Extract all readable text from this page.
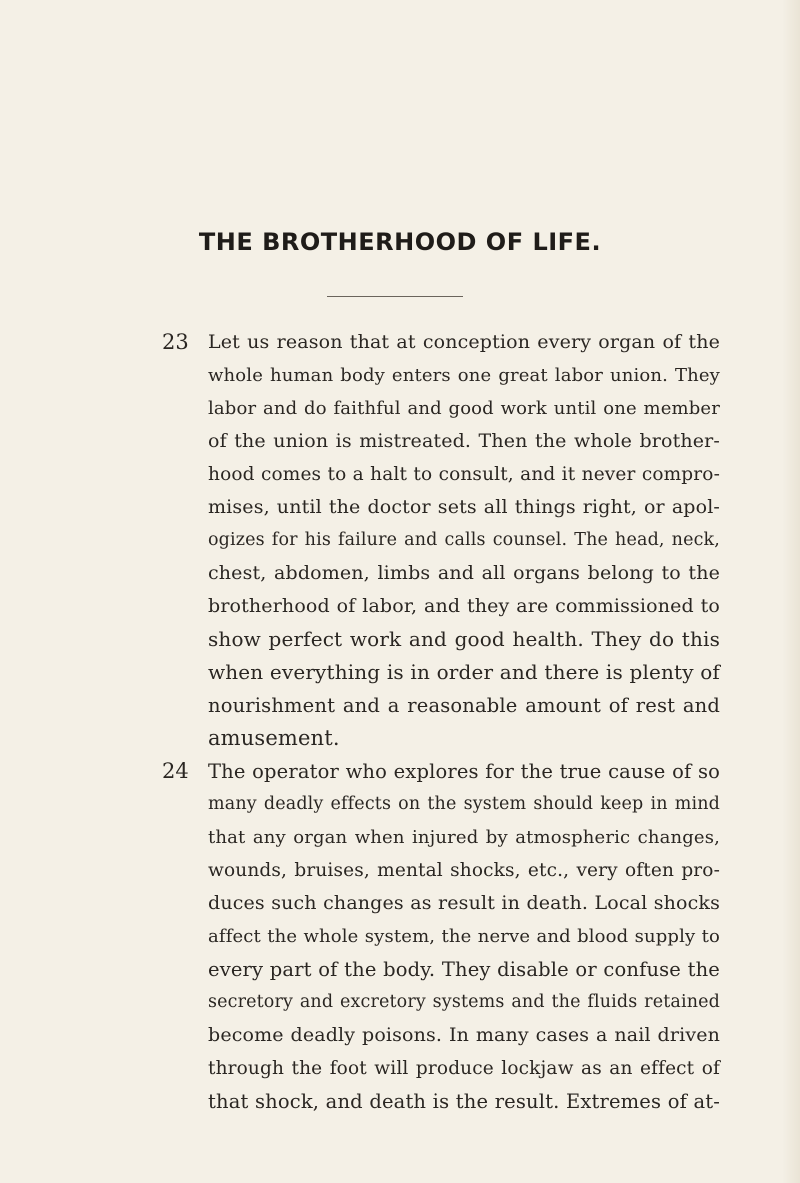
THE BROTHERHOOD OF LIFE.
23	Let us reason that at conception every organ of the
whole human body enters one great labor union. They
labor and do faithful and good work until one member
of the union is mistreated. Then the whole brother-
hood comes to a halt to consult, and it never compro-
mises, until the doctor sets all things right, or apol-
ogizes for his failure and calls counsel. The head, neck,
chest, abdomen, limbs and all organs belong to the
brotherhood of labor, and they are commissioned to
show perfect work and good health. They do this
when everything is in order and there is plenty of
nourishment and a reasonable amount of rest and
amusement.
24 The operator who explores for the true cause of so
many deadly effects on the system should keep in mind
that any organ when injured by atmospheric changes,
wounds, bruises, mental shocks, etc., very often pro-
duces such changes as result in death. Local shocks
affect the whole system, the nerve and blood supply to
every part of the body. They disable or confuse the
secretory and excretory systems and the fluids retained
become deadly poisons. In many cases a nail driven
through the foot will produce lockjaw as an effect of
that shock, and death is the result. Extremes of at-
